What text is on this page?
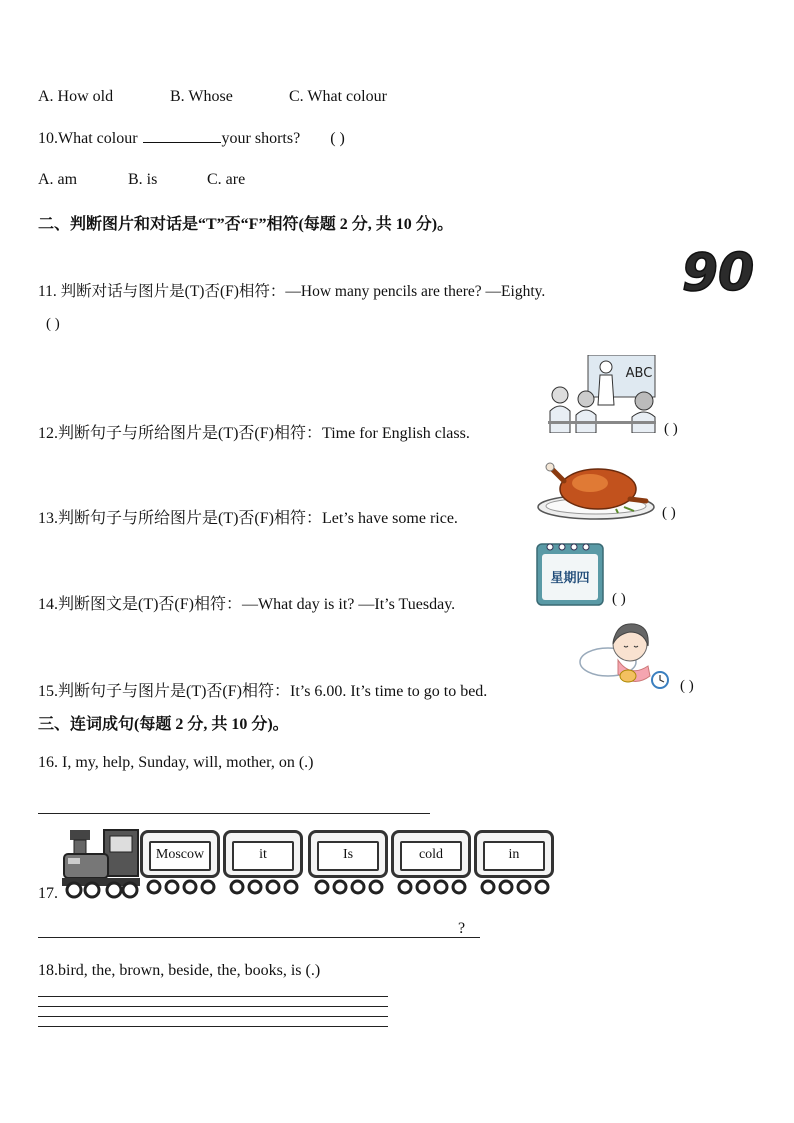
A. How old	B. Whose	C. What colour
10.What colour	your shorts? ( )
A. am	B. is	C. are
二、判断图片和对话是“T”否“F”相符(每题 2 分, 共 10 分)。
11. 判断对话与图片是(T)否(F)相符：—How many pencils are there? —Eighty.	90
( )
12.判断句子与所给图片是(T)否(F)相符：Time for English class.
ABC
( )
13.判断句子与所给图片是(T)否(F)相符：Let’s have some rice.	( )
14.判断图文是(T)否(F)相符：—What day is it? —It’s Tuesday.
星期四
( )
15.判断句子与图片是(T)否(F)相符：It’s 6.00. It’s time to go to bed.	( )
三、连词成句(每题 2 分, 共 10 分)。
16. I, my, help, Sunday, will, mother, on (.)
Moscow	it	Is	cold	in
17.
?
18.bird, the, brown, beside, the, books, is (.)
